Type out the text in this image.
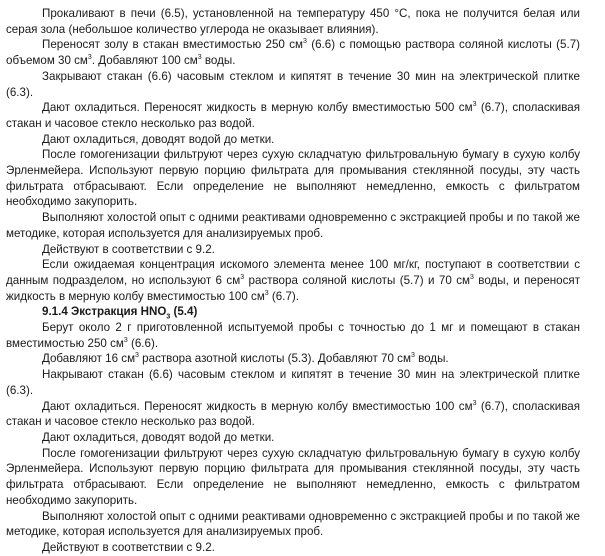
Прокаливают в печи (6.5), установленной на температуру 450 °С, пока не получится белая или серая зола (небольшое количество углерода не оказывает влияния).

Переносят золу в стакан вместимостью 250 $см^3$ (6.6) с помощью раствора соляной кислоты (5.7) объемом 30 $см^3$. Добавляют 100 $см^3$ воды.

Закрывают стакан (6.6) часовым стеклом и кипятят в течение 30 мин на электрической плитке (6.3).

Дают охладиться. Переносят жидкость в мерную колбу вместимостью 500 $см^3$ (6.7), споласкивая стакан и часовое стекло несколько раз водой.

Дают охладиться, доводят водой до метки.

После гомогенизации фильтруют через сухую складчатую фильтровальную бумагу в сухую колбу Эрленмейера. Используют первую порцию фильтрата для промывания стеклянной посуды, эту часть фильтрата отбрасывают. Если определение не выполняют немедленно, емкость с фильтратом необходимо закупорить.

Выполняют холостой опыт с одними реактивами одновременно с экстракцией пробы и по такой же методике, которая используется для анализируемых проб.

Действуют в соответствии с 9.2.

Если ожидаемая концентрация искомого элемента менее 100 мг/кг, поступают в соответствии с данным подразделом, но используют 6 $см^3$ раствора соляной кислоты (5.7) и 70 $см^3$ воды, и переносят жидкость в мерную колбу вместимостью 100 $см^3$ (6.7).

9.1.4 Экстракция $HNO_3$ (5.4)

Берут около 2 г приготовленной испытуемой пробы с точностью до 1 мг и помещают в стакан вместимостью 250 $см^3$ (6.6).

Добавляют 16 $см^3$ раствора азотной кислоты (5.3). Добавляют 70 $см^3$ воды.

Накрывают стакан (6.6) часовым стеклом и кипятят в течение 30 мин на электрической плитке (6.3).

Дают охладиться. Переносят жидкость в мерную колбу вместимостью 100 $см^3$ (6.7), споласкивая стакан и часовое стекло несколько раз водой.

Дают охладиться, доводят водой до метки.

После гомогенизации фильтруют через сухую складчатую фильтровальную бумагу в сухую колбу Эрленмейера. Используют первую порцию фильтрата для промывания стеклянной посуды, эту часть фильтрата отбрасывают. Если определение не выполняют немедленно, емкость с фильтратом необходимо закупорить.

Выполняют холостой опыт с одними реактивами одновременно с экстракцией пробы и по такой же методике, которая используется для анализируемых проб.

Действуют в соответствии с 9.2.
